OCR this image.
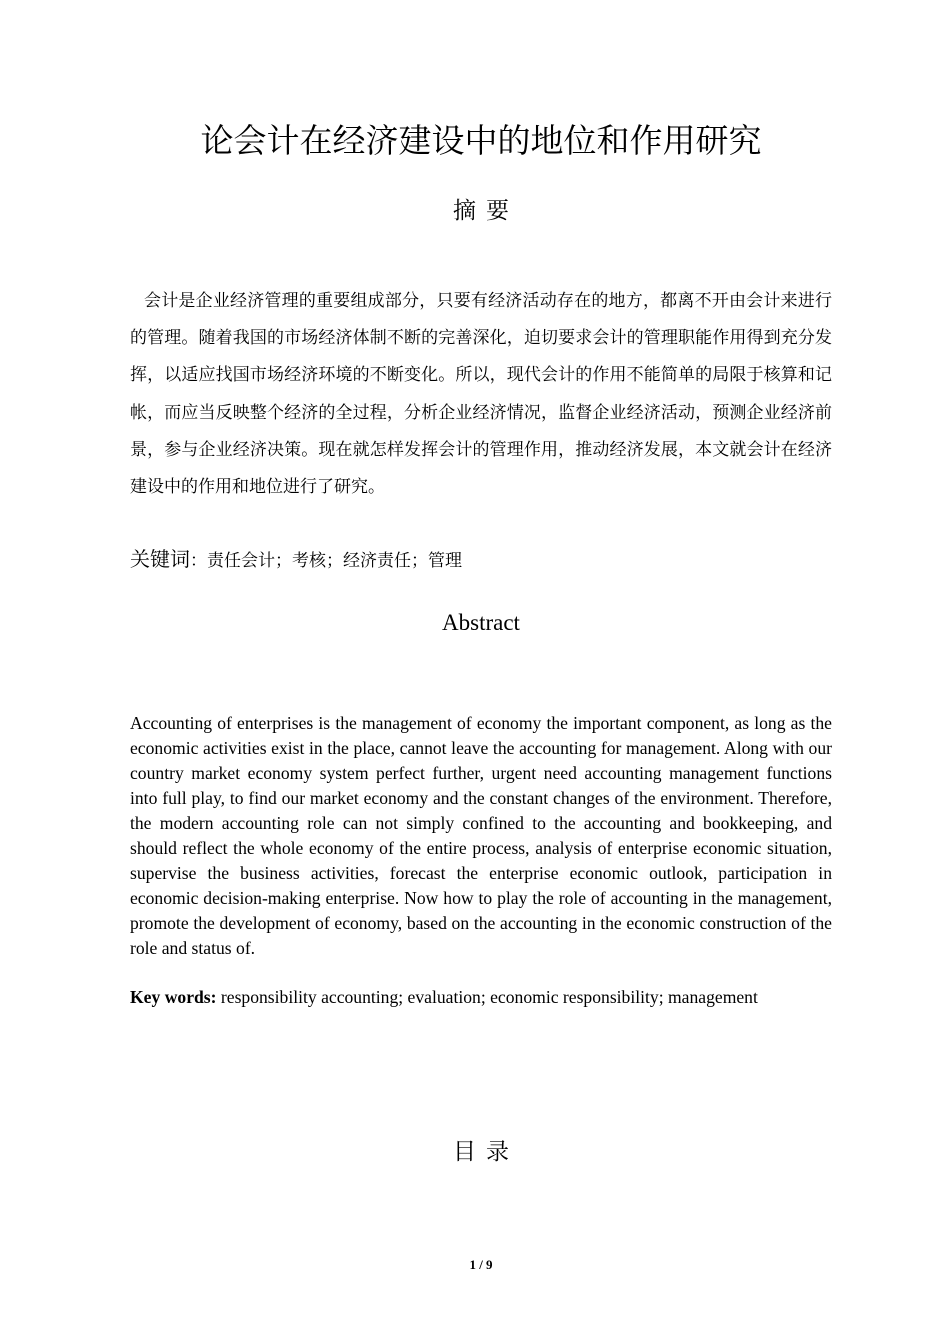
论会计在经济建设中的地位和作用研究
摘要
会计是企业经济管理的重要组成部分，只要有经济活动存在的地方，都离不开由会计来进行的管理。随着我国的市场经济体制不断的完善深化，迫切要求会计的管理职能作用得到充分发挥，以适应找国市场经济环境的不断变化。所以，现代会计的作用不能简单的局限于核算和记帐，而应当反映整个经济的全过程，分析企业经济情况，监督企业经济活动，预测企业经济前景，参与企业经济决策。现在就怎样发挥会计的管理作用，推动经济发展，本文就会计在经济建设中的作用和地位进行了研究。
关键词：责任会计；考核；经济责任；管理
Abstract
Accounting of enterprises is the management of economy the important component, as long as the economic activities exist in the place, cannot leave the accounting for management. Along with our country market economy system perfect further, urgent need accounting management functions into full play, to find our market economy and the constant changes of the environment. Therefore, the modern accounting role can not simply confined to the accounting and bookkeeping, and should reflect the whole economy of the entire process, analysis of enterprise economic situation, supervise the business activities, forecast the enterprise economic outlook, participation in economic decision-making enterprise. Now how to play the role of accounting in the management, promote the development of economy, based on the accounting in the economic construction of the role and status of.
Key words: responsibility accounting; evaluation; economic responsibility; management
目录
1 / 9
